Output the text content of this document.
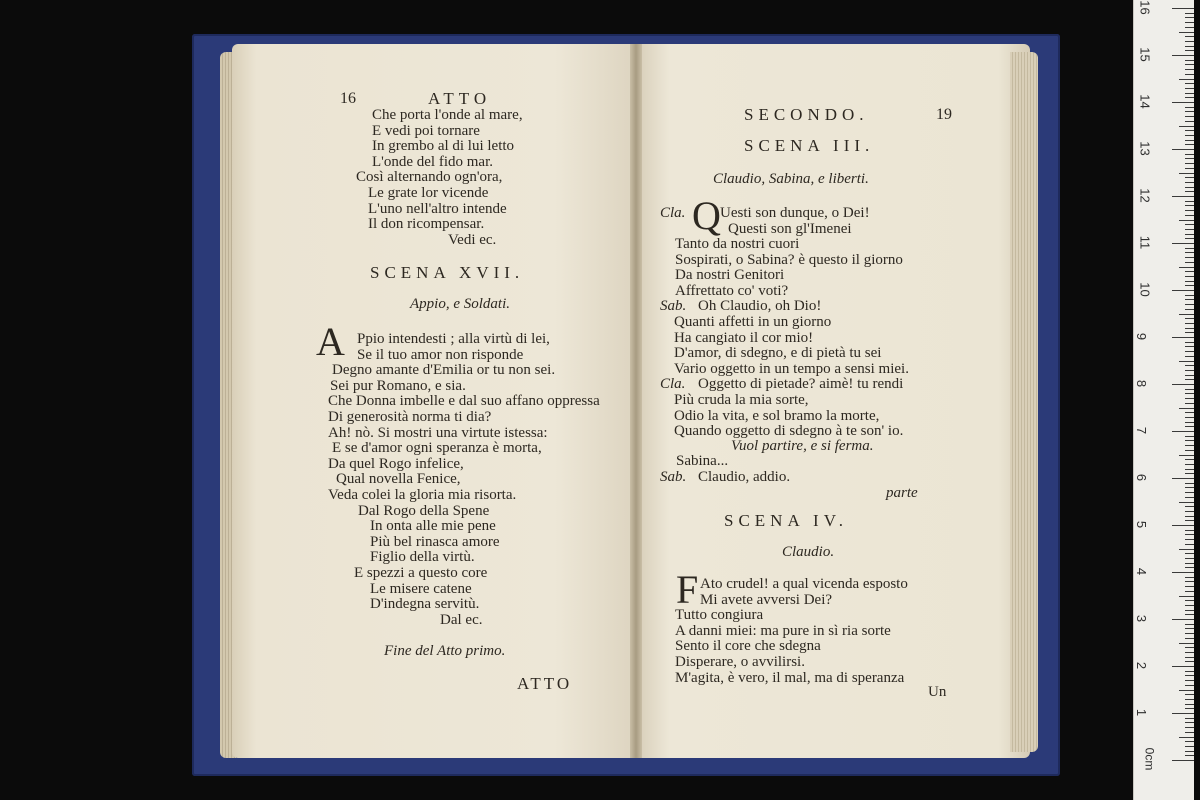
16	ATTO
Che porta l'onde al mare,
E vedi poi tornare
In grembo al di lui letto
L'onde del fido mar.
Così alternando ogn'ora,
Le grate lor vicende
L'uno nell'altro intende
Il don ricompensar.
Vedi ec.
SCENA XVII.
Appio, e Soldati.
A Ppio intendesti ; alla virtù di lei,
Se il tuo amor non risponde
Degno amante d'Emilia or tu non sei.
Sei pur Romano, e sia.
Che Donna imbelle e dal suo affano oppressa
Di generosità norma ti dia?
Ah! nò. Si mostri una virtute istessa:
E se d'amor ogni speranza è morta,
Da quel Rogo infelice,
Qual novella Fenice,
Veda colei la gloria mia risorta.
Dal Rogo della Spene
In onta alle mie pene
Più bel rinasca amore
Figlio della virtù.
E spezzi a questo core
Le misere catene
D'indegna servitù.
Dal ec.
Fine del Atto primo.
ATTO
SECONDO.	19
SCENA III.
Claudio, Sabina, e liberti.
Cla. Q Uesti son dunque, o Dei!
Questi son gl'Imenei
Tanto da nostri cuori
Sospirati, o Sabina? è questo il giorno
Da nostri Genitori
Affrettato co' voti?
Sab. Oh Claudio, oh Dio!
Quanti affetti in un giorno
Ha cangiato il cor mio!
D'amor, di sdegno, e di pietà tu sei
Vario oggetto in un tempo a sensi miei.
Cla. Oggetto di pietade? aimè! tu rendi
Più cruda la mia sorte,
Odio la vita, e sol bramo la morte,
Quando oggetto di sdegno à te son' io.
Vuol partire, e si ferma.
Sabina...
Sab. Claudio, addio.
parte
SCENA IV.
Claudio.
F Ato crudel! a qual vicenda esposto
Mi avete avversi Dei?
Tutto congiura
A danni miei: ma pure in sì ria sorte
Sento il core che sdegna
Disperare, o avvilirsi.
M'agita, è vero, il mal, ma di speranza
Un
1
2
3
4
5
6
7
8
9
10
11
12
13
14
15
16
0cm
